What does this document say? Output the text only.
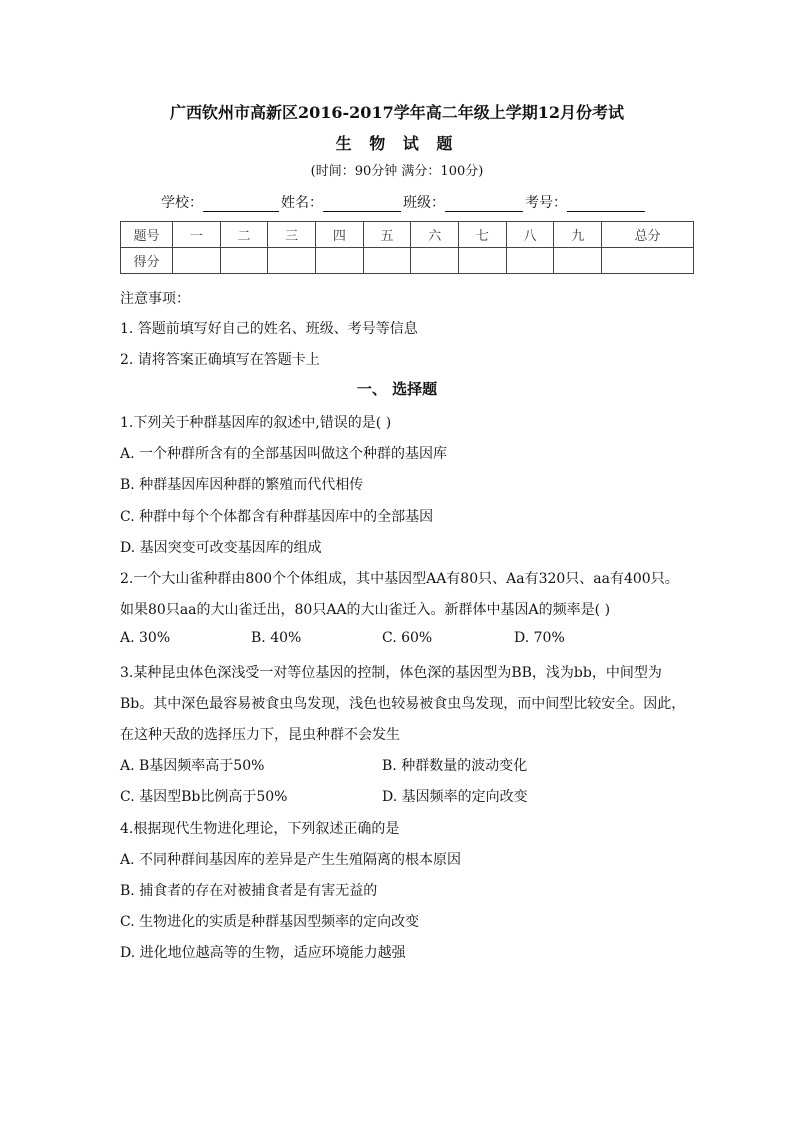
广西钦州市高新区2016-2017学年高二年级上学期12月份考试
生 物 试 题
(时间：90分钟 满分：100分)
学校：	姓名：	班级：	考号：
题号	一	二	三	四	五	六	七	八	九	总分
得分										
注意事项：
1. 答题前填写好自己的姓名、班级、考号等信息
2. 请将答案正确填写在答题卡上
一、 选择题
1.下列关于种群基因库的叙述中,错误的是( )
A. 一个种群所含有的全部基因叫做这个种群的基因库
B. 种群基因库因种群的繁殖而代代相传
C. 种群中每个个体都含有种群基因库中的全部基因
D. 基因突变可改变基因库的组成
2.一个大山雀种群由800个个体组成，其中基因型AA有80只、Aa有320只、aa有400只。
如果80只aa的大山雀迁出，80只AA的大山雀迁入。新群体中基因A的频率是( )
A. 30%	B. 40%	C. 60%	D. 70%
3.某种昆虫体色深浅受一对等位基因的控制，体色深的基因型为BB，浅为bb，中间型为
Bb。其中深色最容易被食虫鸟发现，浅色也较易被食虫鸟发现，而中间型比较安全。因此，
在这种天敌的选择压力下，昆虫种群不会发生
A. B基因频率高于50%	B. 种群数量的波动变化
C. 基因型Bb比例高于50%	D. 基因频率的定向改变
4.根据现代生物进化理论，下列叙述正确的是
A. 不同种群间基因库的差异是产生生殖隔离的根本原因
B. 捕食者的存在对被捕食者是有害无益的
C. 生物进化的实质是种群基因型频率的定向改变
D. 进化地位越高等的生物，适应环境能力越强
